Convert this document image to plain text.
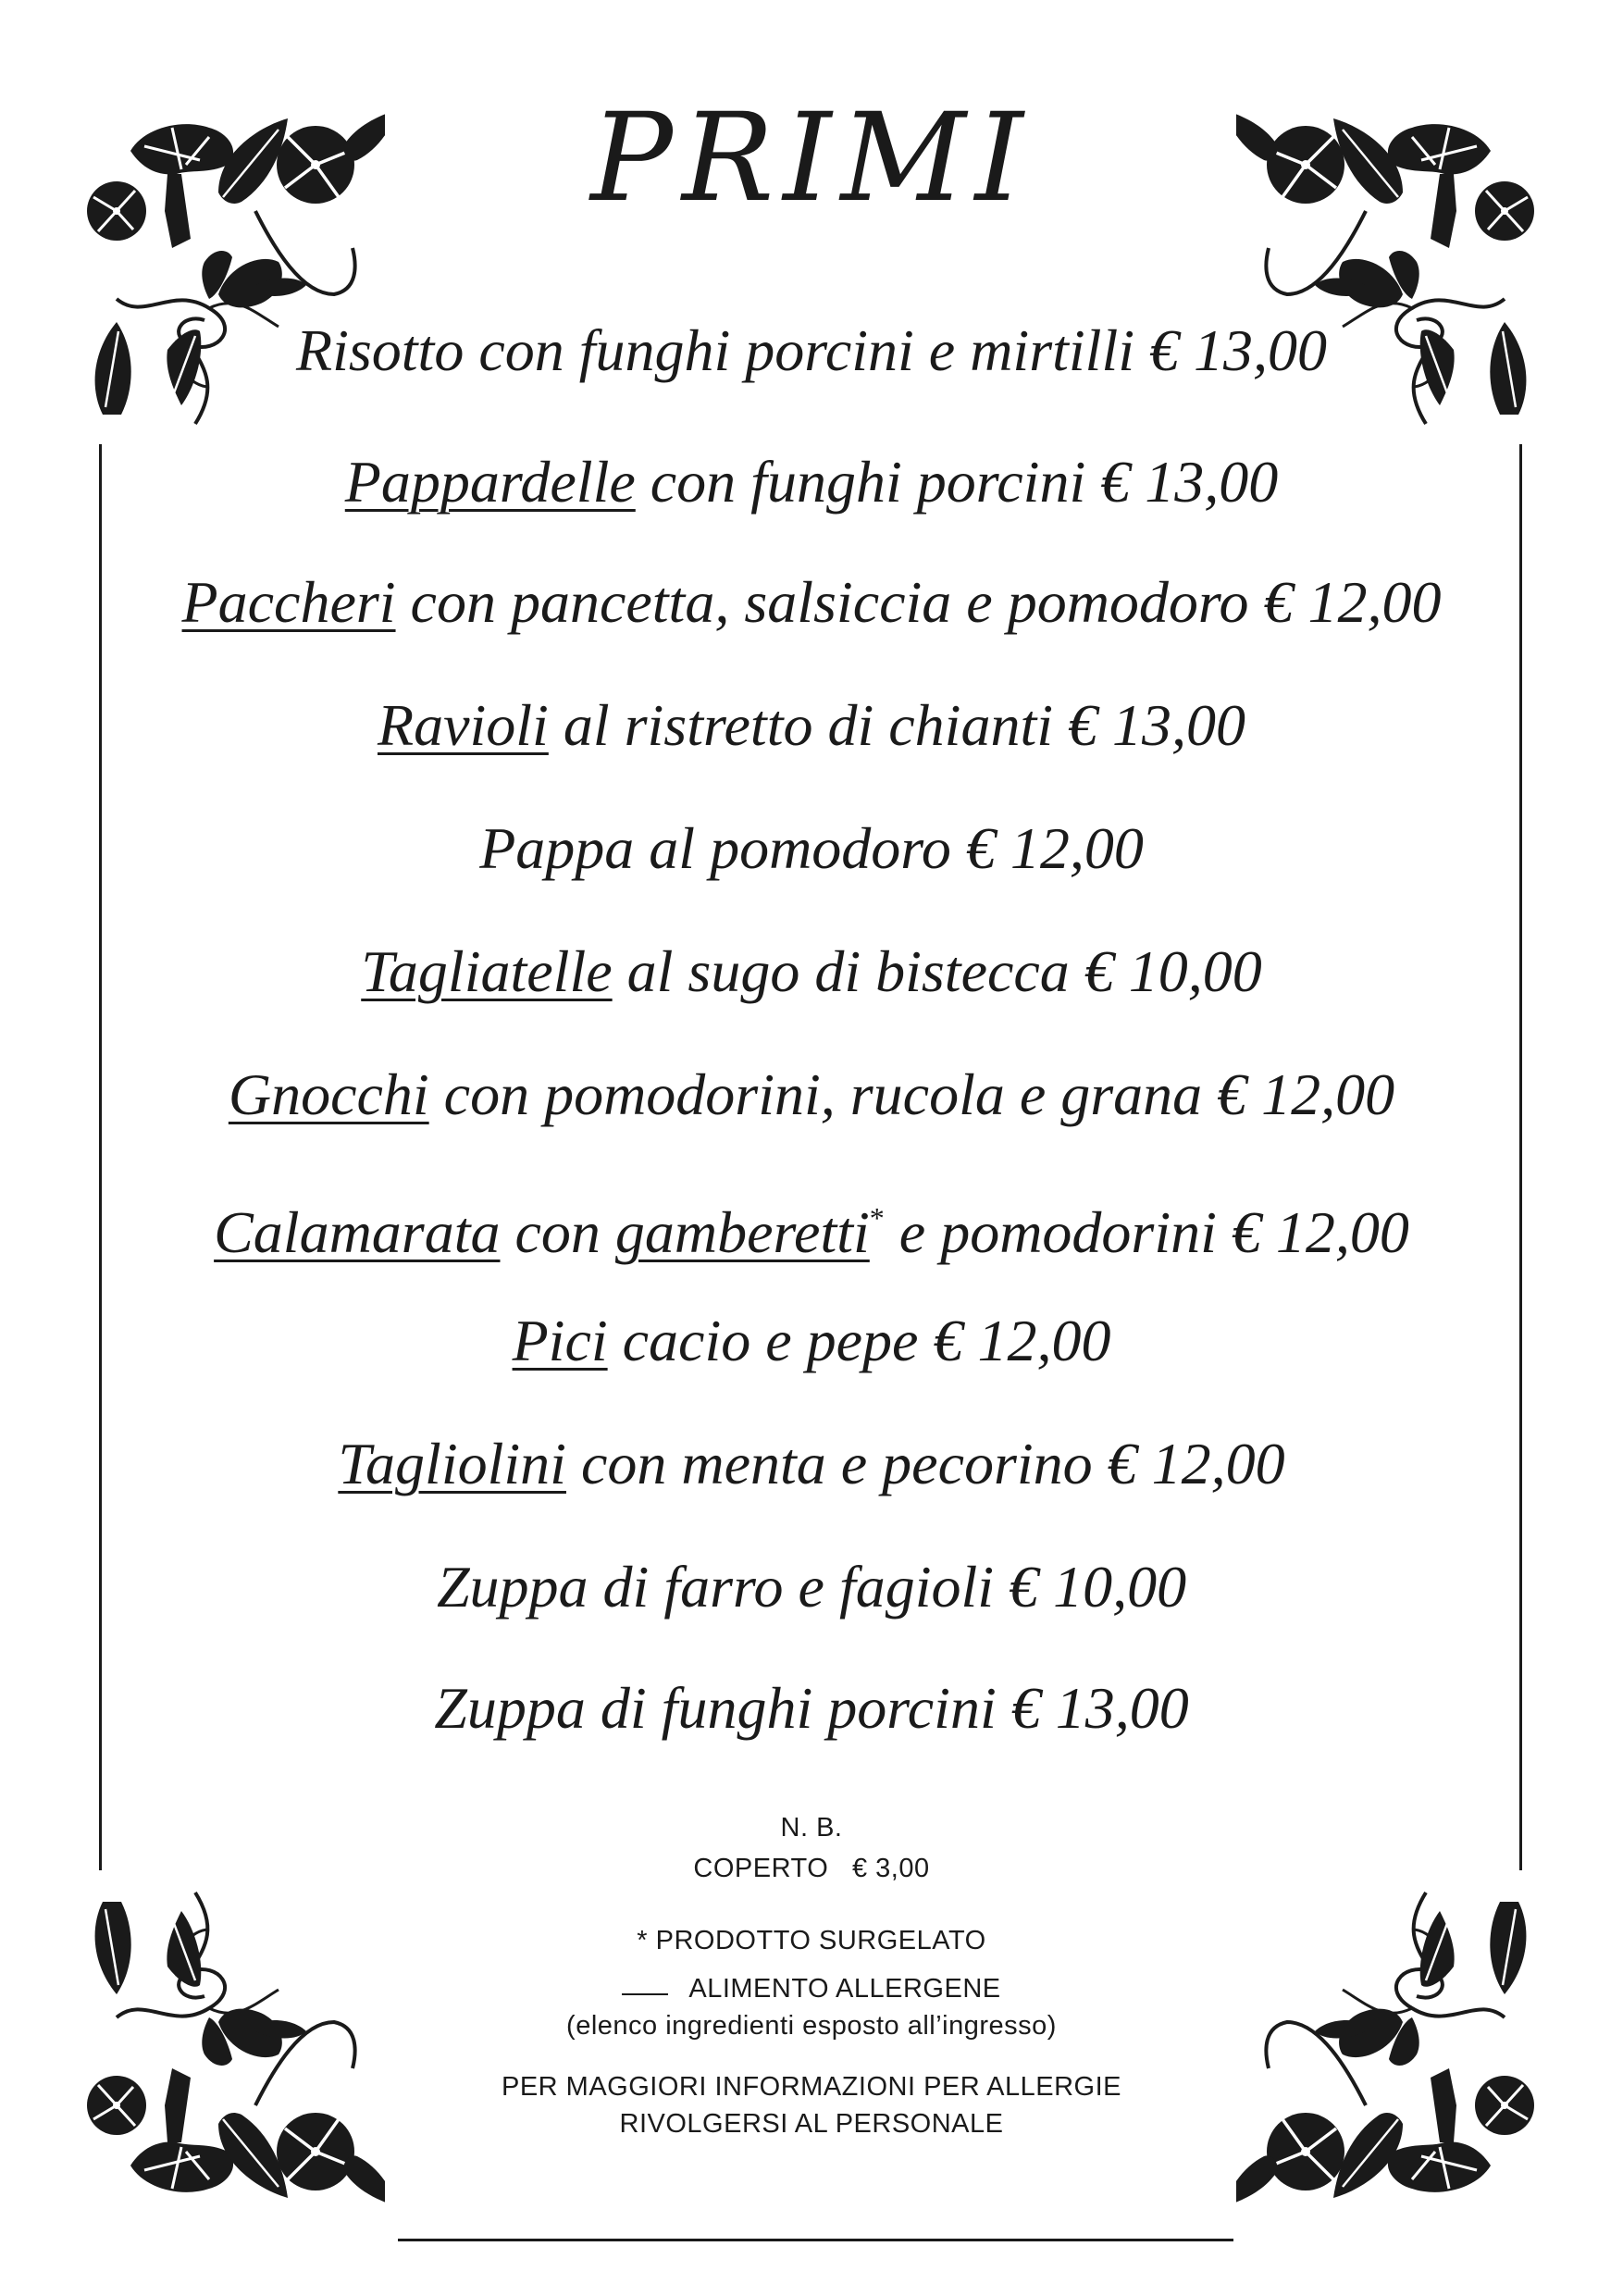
PRIMI
Risotto con funghi porcini e mirtilli € 13,00
Pappardelle con funghi porcini € 13,00
Paccheri con pancetta, salsiccia e pomodoro € 12,00
Ravioli al ristretto di chianti € 13,00
Pappa al pomodoro € 12,00
Tagliatelle al sugo di bistecca € 10,00
Gnocchi con pomodorini, rucola e grana € 12,00
Calamarata con gamberetti* e pomodorini € 12,00
Pici cacio e pepe € 12,00
Tagliolini con menta e pecorino € 12,00
Zuppa di farro e fagioli € 10,00
Zuppa di funghi porcini € 13,00
N. B.
COPERTO   € 3,00
* PRODOTTO SURGELATO
ALIMENTO ALLERGENE
(elenco ingredienti esposto all’ingresso)
PER MAGGIORI INFORMAZIONI PER ALLERGIE
RIVOLGERSI AL PERSONALE
